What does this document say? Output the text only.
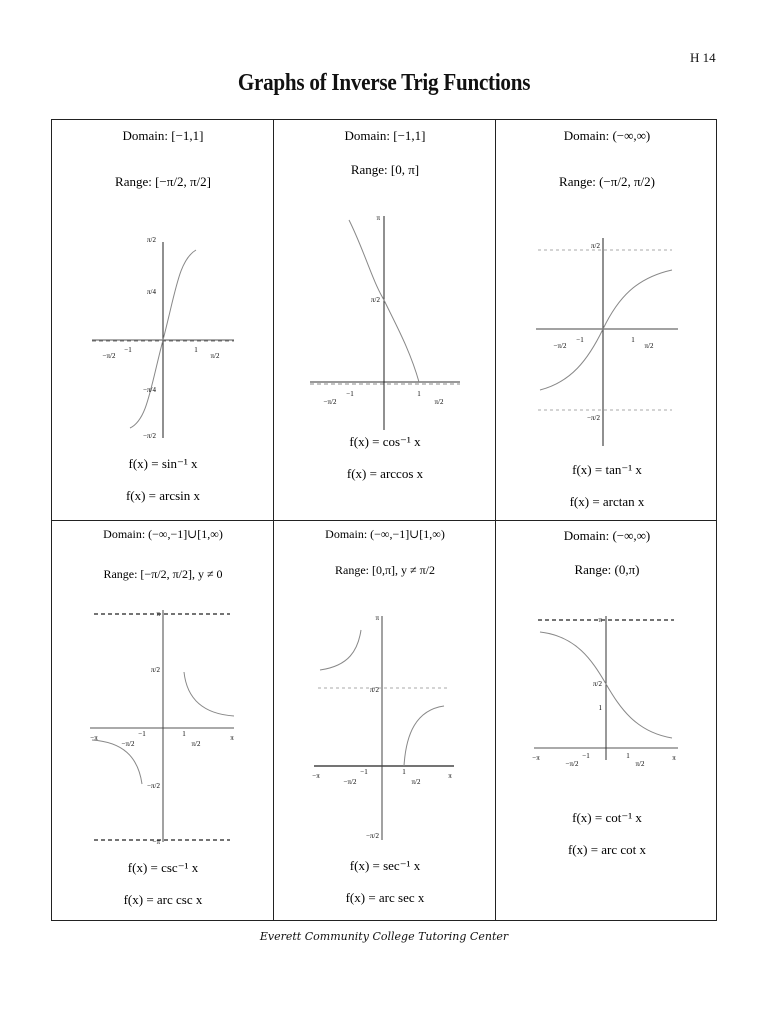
H 14
Graphs of Inverse Trig Functions
Domain: [−1,1]
Range: [−π/2, π/2]
−π/2
−1	1
π/2
π/2
π/4
−π/4
−π/2
f(x) = sin⁻¹ x
f(x) = arcsin x
Domain: [−1,1]
Range: [0, π]
−π/2
−1	1
π/2
π
π/2
f(x) = cos⁻¹ x
f(x) = arccos x
Domain: (−∞,∞)
Range: (−π/2, π/2)
−π/2
−1	1
π/2
π/2
−π/2
f(x) = tan⁻¹ x
f(x) = arctan x
Domain: (−∞,−1]∪[1,∞)
Range: [−π/2, π/2], y ≠ 0
−π
−π/2
−1	1
π/2
π
π
π/2
−π/2
−π
f(x) = csc⁻¹ x
f(x) = arc csc x
Domain: (−∞,−1]∪[1,∞)
Range: [0,π], y ≠ π/2
−π
−π/2
−1	1
π/2
π
π
π/2
−π/2
f(x) = sec⁻¹ x
f(x) = arc sec x
Domain: (−∞,∞)
Range: (0,π)
−π
−π/2
−1	1
π/2
π
π
π/2
1
f(x) = cot⁻¹ x
f(x) = arc cot x
Everett Community College Tutoring Center
